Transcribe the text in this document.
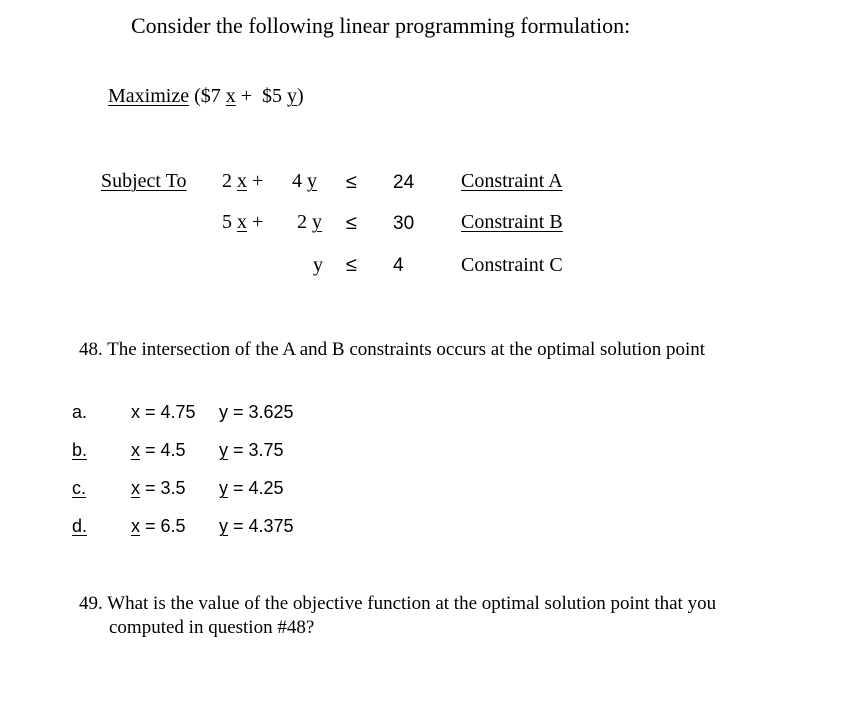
Consider the following linear programming formulation:
Maximize ($7 x + $5 y)
Subject To 2 x + 4 y ≤ 24 Constraint A
5 x + 2 y ≤ 30 Constraint B
y ≤ 4	Constraint C
48. The intersection of the A and B constraints occurs at the optimal solution point
a. x = 4.75 y = 3.625
b. x = 4.5 y = 3.75
c. x = 3.5 y = 4.25
d. x = 6.5 y = 4.375
49. What is the value of the objective function at the optimal solution point that you
computed in question #48?
